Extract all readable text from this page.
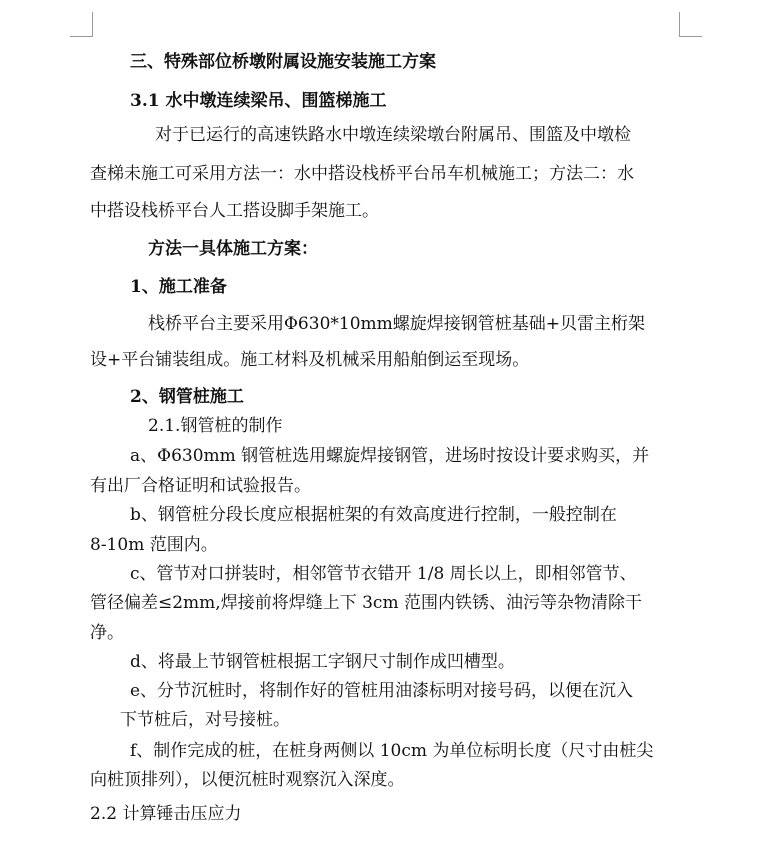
三、特殊部位桥墩附属设施安装施工方案
3.1 水中墩连续梁吊、围篮梯施工
对于已运行的高速铁路水中墩连续梁墩台附属吊、围篮及中墩检
查梯未施工可采用方法一：水中搭设栈桥平台吊车机械施工；方法二：水
中搭设栈桥平台人工搭设脚手架施工。
方法一具体施工方案：
1、施工准备
栈桥平台主要采用Φ630*10mm螺旋焊接钢管桩基础+贝雷主桁架
设+平台铺装组成。施工材料及机械采用船舶倒运至现场。
2、钢管桩施工
2.1.钢管桩的制作
a、Φ630mm 钢管桩选用螺旋焊接钢管，进场时按设计要求购买，并
有出厂合格证明和试验报告。
b、钢管桩分段长度应根据桩架的有效高度进行控制，一般控制在
8-10m 范围内。
c、管节对口拼装时，相邻管节衣错开 1/8 周长以上，即相邻管节、
管径偏差≤2mm,焊接前将焊缝上下 3cm 范围内铁锈、油污等杂物清除干
净。
d、将最上节钢管桩根据工字钢尺寸制作成凹槽型。
e、分节沉桩时，将制作好的管桩用油漆标明对接号码，以便在沉入
下节桩后，对号接桩。
f、制作完成的桩，在桩身两侧以 10cm 为单位标明长度（尺寸由桩尖
向桩顶排列），以便沉桩时观察沉入深度。
2.2 计算锤击压应力
